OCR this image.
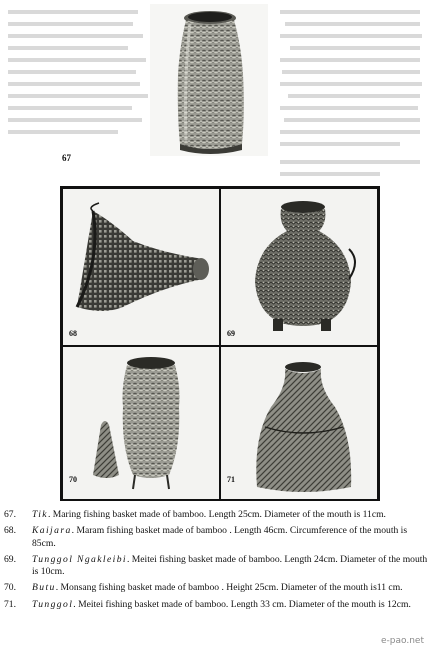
67
68	69
70	71

67. Tik. Maring fishing basket made of bamboo. Length 25cm. Diameter of the mouth is 11cm.

68. Kaijara. Maram fishing basket made of bamboo . Length 46cm. Circumference of the mouth is 85cm.

69. Tunggol Ngakleibi. Meitei fishing basket made of bamboo. Length 24cm. Diameter of the mouth is 10cm.

70. Butu. Monsang fishing basket made of bamboo . Height 25cm. Diameter of the mouth is11 cm.

71. Tunggol. Meitei fishing basket made of bamboo. Length 33 cm. Diameter of the mouth is 12cm.

e-pao.net
